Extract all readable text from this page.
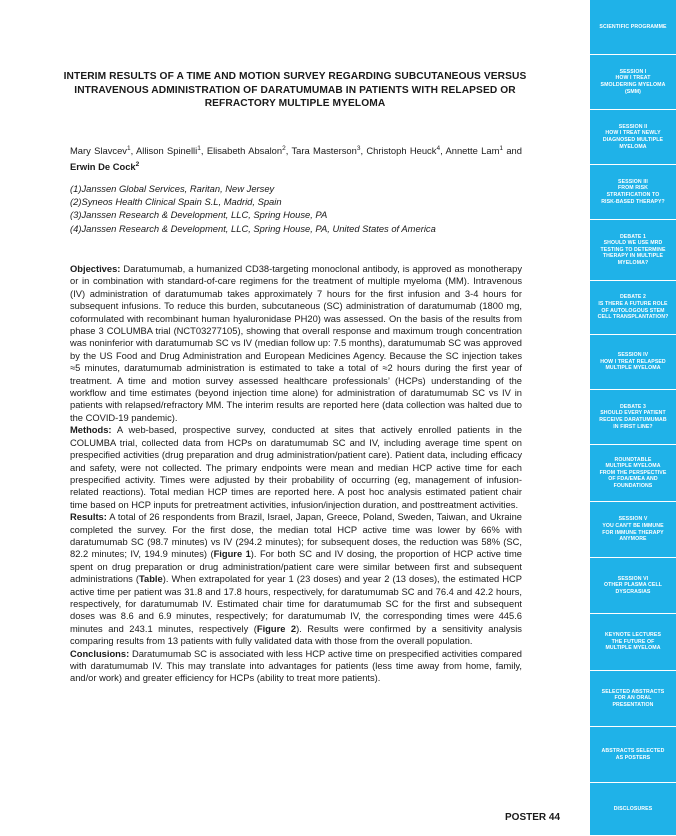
INTERIM RESULTS OF A TIME AND MOTION SURVEY REGARDING SUBCUTANEOUS VERSUS INTRAVENOUS ADMINISTRATION OF DARATUMUMAB IN PATIENTS WITH RELAPSED OR REFRACTORY MULTIPLE MYELOMA
Mary Slavcev$^1$, Allison Spinelli$^1$, Elisabeth Absalon$^2$, Tara Masterson$^3$, Christoph Heuck$^4$, Annette Lam$^1$ and Erwin De Cock$^2$
(1)Janssen Global Services, Raritan, New Jersey
(2)Syneos Health Clinical Spain S.L, Madrid, Spain
(3)Janssen Research & Development, LLC, Spring House, PA
(4)Janssen Research & Development, LLC, Spring House, PA, United States of America

Objectives: Daratumumab, a humanized CD38-targeting monoclonal antibody, is approved as monotherapy or in combination with standard-of-care regimens for the treatment of multiple myeloma (MM). Intravenous (IV) administration of daratumumab takes approximately 7 hours for the first infusion and 3-4 hours for subsequent infusions. To reduce this burden, subcutaneous (SC) administration of daratumumab (1800 mg, coformulated with recombinant human hyaluronidase PH20) was assessed. On the basis of the results from phase 3 COLUMBA trial (NCT03277105), showing that overall response and maximum trough concentration was noninferior with daratumumab SC vs IV (median follow up: 7.5 months), daratumumab SC was approved by the US Food and Drug Administration and European Medicines Agency. Because the SC injection takes ≈5 minutes, daratumumab administration is estimated to take a total of ≈2 hours during the first year of treatment. A time and motion survey assessed healthcare professionals’ (HCPs) understanding of the workflow and time estimates (beyond injection time alone) for administration of daratumumab SC vs IV in patients with relapsed/refractory MM. The interim results are reported here (data collection was halted due to the COVID-19 pandemic).

Methods: A web-based, prospective survey, conducted at sites that actively enrolled patients in the COLUMBA trial, collected data from HCPs on daratumumab SC and IV, including average time spent on prespecified activities (drug preparation and drug administration/patient care). Patient data, including efficacy and safety, were not collected. The primary endpoints were mean and median HCP active time for each prespecified activity. Times were adjusted by their probability of occurring (eg, management of infusion-related reactions). Total median HCP times are reported here. A post hoc analysis estimated patient chair time based on HCP inputs for pretreatment activities, infusion/injection duration, and posttreatment activities.

Results: A total of 26 respondents from Brazil, Israel, Japan, Greece, Poland, Sweden, Taiwan, and Ukraine completed the survey. For the first dose, the median total HCP active time was lower by 66% with daratumumab SC (98.7 minutes) vs IV (294.2 minutes); for subsequent doses, the reduction was 58% (SC, 82.2 minutes; IV, 194.9 minutes) (Figure 1). For both SC and IV dosing, the proportion of HCP active time spent on drug preparation or drug administration/patient care were similar between first and subsequent administrations (Table). When extrapolated for year 1 (23 doses) and year 2 (13 doses), the estimated HCP active time per patient was 31.8 and 17.8 hours, respectively, for daratumumab SC and 76.4 and 42.2 hours, respectively, for daratumumab IV. Estimated chair time for daratumumab SC for the first and subsequent doses was 8.6 and 6.9 minutes, respectively; for daratumumab IV, the corresponding times were 445.6 minutes and 243.1 minutes, respectively (Figure 2). Results were confirmed by a sensitivity analysis comparing results from 13 patients with fully validated data with those from the overall population.

Conclusions: Daratumumab SC is associated with less HCP active time on prespecified activities compared with daratumumab IV. This may translate into advantages for patients (less time away from home, family, and/or work) and greater efficiency for HCPs (ability to treat more patients).

POSTER 44
SCIENTIFIC PROGRAMME
SESSION I
HOW I TREAT
SMOLDERING MYELOMA
(SMM)
SESSION II
HOW I TREAT NEWLY
DIAGNOSED MULTIPLE
MYELOMA
SESSION III
FROM RISK
STRATIFICATION TO
RISK-BASED THERAPY?
DEBATE 1
SHOULD WE USE MRD
TESTING TO DETERMINE
THERAPY IN MULTIPLE
MYELOMA?
DEBATE 2
IS THERE A FUTURE ROLE
OF AUTOLOGOUS STEM
CELL TRANSPLANTATION?
SESSION IV
HOW I TREAT RELAPSED
MULTIPLE MYELOMA
DEBATE 3
SHOULD EVERY PATIENT
RECEIVE DARATUMUMAB
IN FIRST LINE?
ROUNDTABLE
MULTIPLE MYELOMA
FROM THE PERSPECTIVE
OF FDA/EMEA AND
FOUNDATIONS
SESSION V
YOU CAN'T BE IMMUNE
FOR IMMUNE THERAPY
ANYMORE
SESSION VI
OTHER PLASMA CELL
DYSCRASIAS
KEYNOTE LECTURES
THE FUTURE OF
MULTIPLE MYELOMA
SELECTED ABSTRACTS
FOR AN ORAL
PRESENTATION
ABSTRACTS SELECTED
AS POSTERS
DISCLOSURES
